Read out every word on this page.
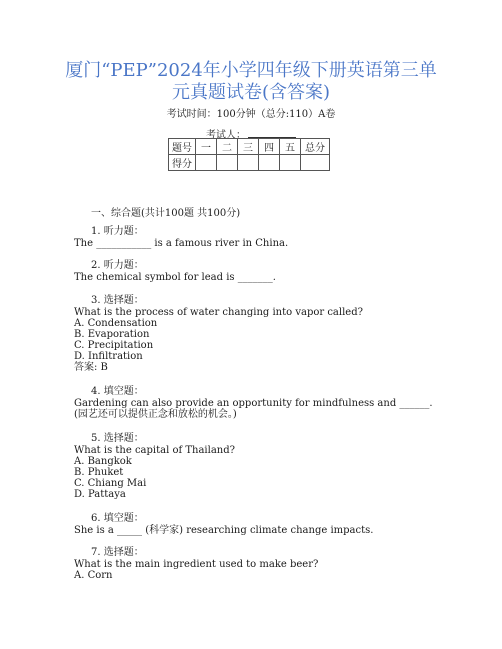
厦门“PEP”2024年小学四年级下册英语第三单
元真题试卷(含答案)
考试时间：100分钟（总分:110）A卷
考试人：
题号	一	二	三	四	五	总分
得分						
一、综合题(共计100题 共100分)
1. 听力题：
The ___________ is a famous river in China.
2. 听力题：
The chemical symbol for lead is _______.
3. 选择题：
What is the process of water changing into vapor called?
A. Condensation
B. Evaporation
C. Precipitation
D. Infiltration
答案: B
4. 填空题：
Gardening can also provide an opportunity for mindfulness and ______.
(园艺还可以提供正念和放松的机会。)
5. 选择题：
What is the capital of Thailand?
A. Bangkok
B. Phuket
C. Chiang Mai
D. Pattaya
6. 填空题：
She is a _____ (科学家) researching climate change impacts.
7. 选择题：
What is the main ingredient used to make beer?
A. Corn
